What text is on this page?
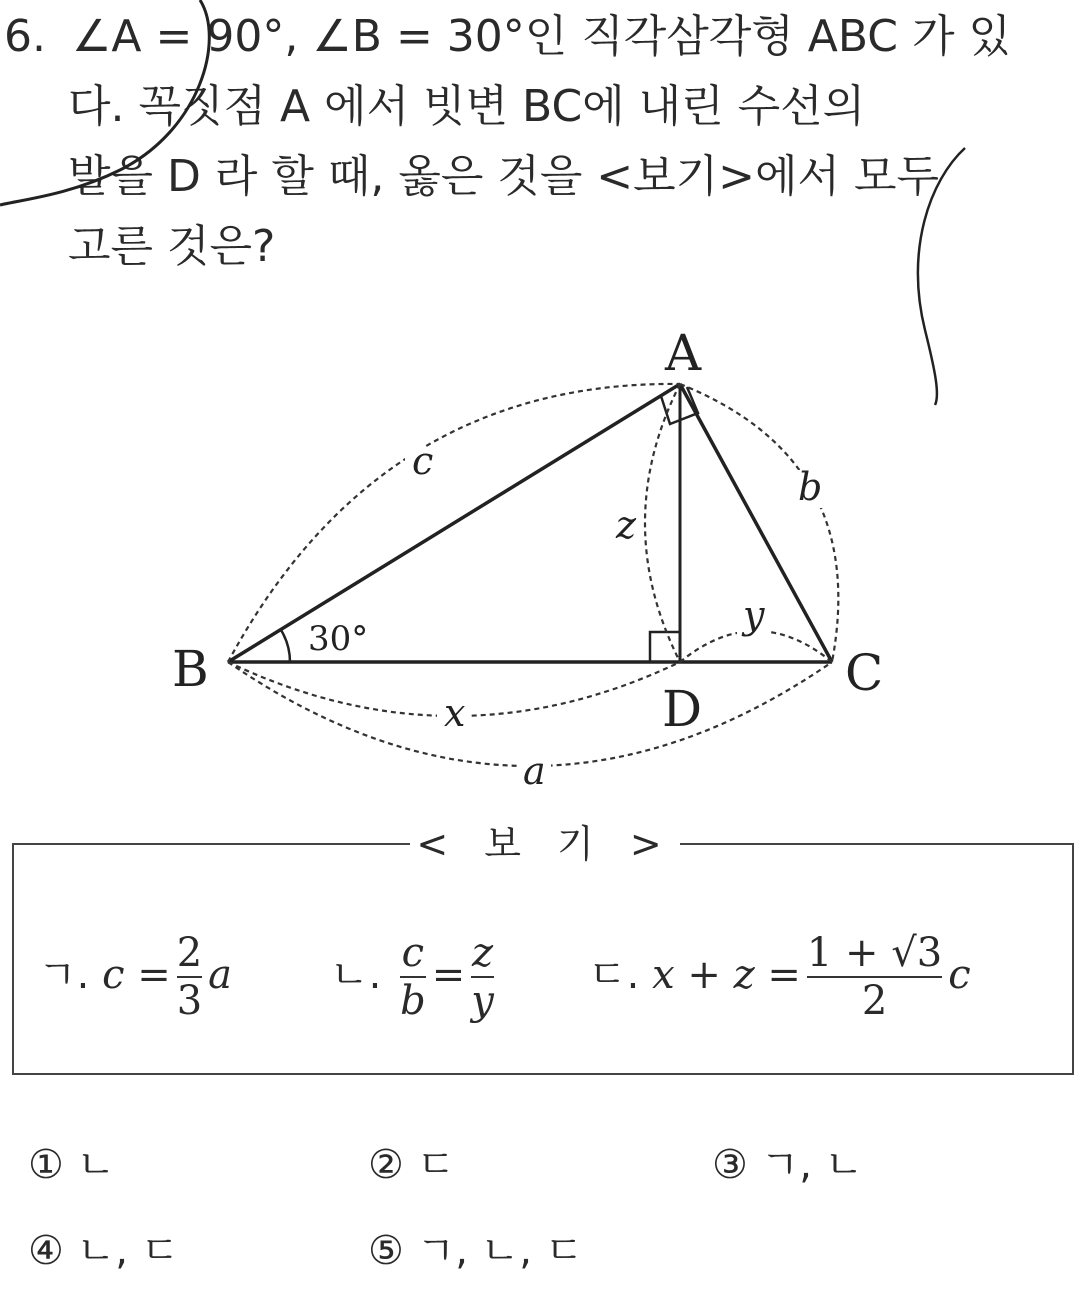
6. ∠A = 90°, ∠B = 30°인 직각삼각형 ABC 가 있
다. 꼭짓점 A 에서 빗변 BC에 내린 수선의
발을 D 라 할 때, 옳은 것을 <보기>에서 모두
고른 것은?
A
B	C
D
30°
c
b
z
x
y
a
< 보 기 >
ㄱ. $c = \frac{2}{3}$ a ㄴ. $\frac{c}{b} = \frac{z}{y}$ ㄷ. $x + z = \frac{1 + √3}{2}$ c
① ㄴ	② ㄷ	③ ㄱ, ㄴ
④ ㄴ, ㄷ	⑤ ㄱ, ㄴ, ㄷ
